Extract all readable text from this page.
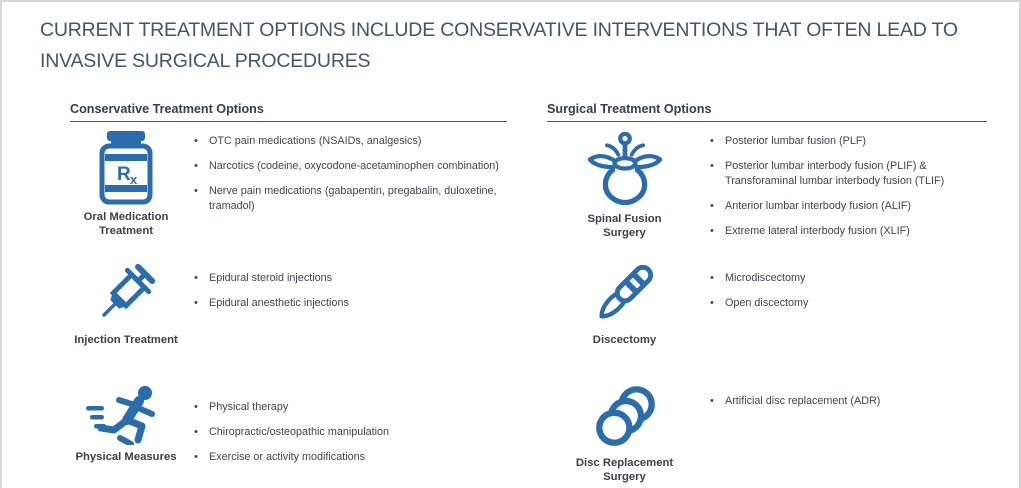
CURRENT TREATMENT OPTIONS INCLUDE CONSERVATIVE INTERVENTIONS THAT OFTEN LEAD TO
INVASIVE SURGICAL PROCEDURES
Conservative Treatment Options
R x
Oral Medication Treatment
• OTC pain medications (NSAIDs, analgesics)
• Narcotics (codeine, oxycodone-acetaminophen combination)
• Nerve pain medications (gabapentin, pregabalin, duloxetine, tramadol)
Injection Treatment
• Epidural steroid injections
• Epidural anesthetic injections
Physical Measures
• Physical therapy
• Chiropractic/osteopathic manipulation
• Exercise or activity modifications
Surgical Treatment Options
Spinal Fusion Surgery
• Posterior lumbar fusion (PLF)
• Posterior lumbar interbody fusion (PLIF) & Transforaminal lumbar interbody fusion (TLIF)
• Anterior lumbar interbody fusion (ALIF)
• Extreme lateral interbody fusion (XLIF)
Discectomy
• Microdiscectomy
• Open discectomy
Disc Replacement Surgery
• Artificial disc replacement (ADR)
